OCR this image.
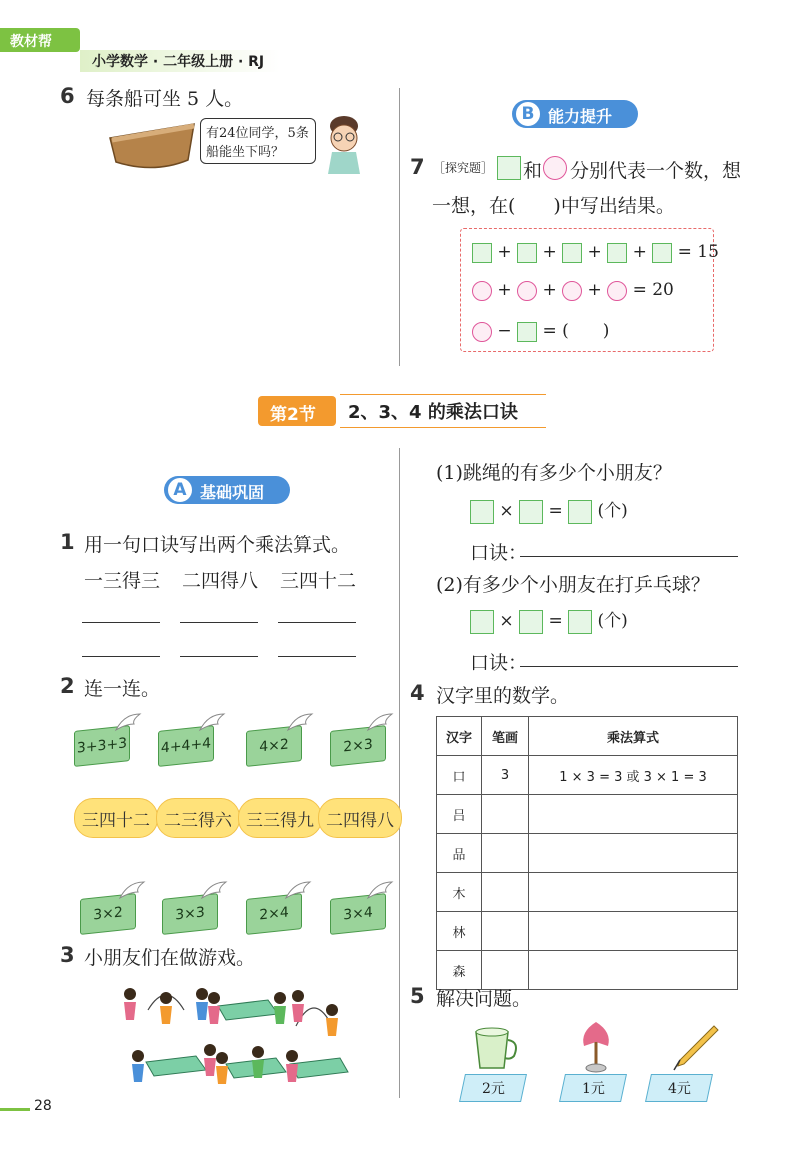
教材帮
小学数学 · 二年级上册 · RJ
6 每条船可坐 5 人。
有24位同学，5条
船能坐下吗？
B 能力提升
7 ［探究题］ 和 分别代表一个数，想
一想，在(　　)中写出结果。
+ + + + = 15
+ + + = 20
− = (　　)
第2节 2、3、4 的乘法口诀
A 基础巩固
1 用一句口诀写出两个乘法算式。
一三得三 二四得八 三四十二
2 连一连。
3+3+3 4+4+4	4×2	2×3
三四十二 二三得六 三三得九 二四得八
3×2	3×3	2×4	3×4
3 小朋友们在做游戏。
(1)跳绳的有多少个小朋友？
× = (个)
口诀：
(2)有多少个小朋友在打乒乓球？
× = (个)
口诀：
4 汉字里的数学。
汉字	笔画	乘法算式
口	3	1 × 3 = 3 或 3 × 1 = 3
吕		
品		
木		
林		
森		
5 解决问题。
2元	1元	4元
28
